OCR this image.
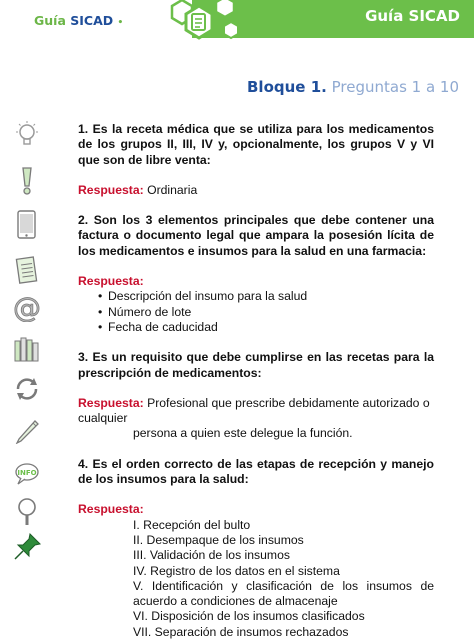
Guía SICAD •	Guía SICAD
Bloque 1. Preguntas 1 a 10
@
INFO

1. Es la receta médica que se utiliza para los medicamentos de los grupos II, III, IV y, opcionalmente, los grupos V y VI que son de libre venta:

Respuesta: Ordinaria

2. Son los 3 elementos principales que debe contener una factura o documento legal que ampara la posesión lícita de los medicamentos e insumos para la salud en una farmacia:

Respuesta:

• Descripción del insumo para la salud
• Número de lote
• Fecha de caducidad

3. Es un requisito que debe cumplirse en las recetas para la prescripción de medicamentos:

Respuesta: Profesional que prescribe debidamente autorizado o cualquier

persona a quien este delegue la función.

4. Es el orden correcto de las etapas de recepción y manejo de los insumos para la salud:

Respuesta:

I. Recepción del bulto
II. Desempaque de los insumos
III. Validación de los insumos
IV. Registro de los datos en el sistema
V. Identificación y clasificación de los insumos de acuerdo a condiciones de almacenaje
VI. Disposición de los insumos clasificados
VII. Separación de insumos rechazados
